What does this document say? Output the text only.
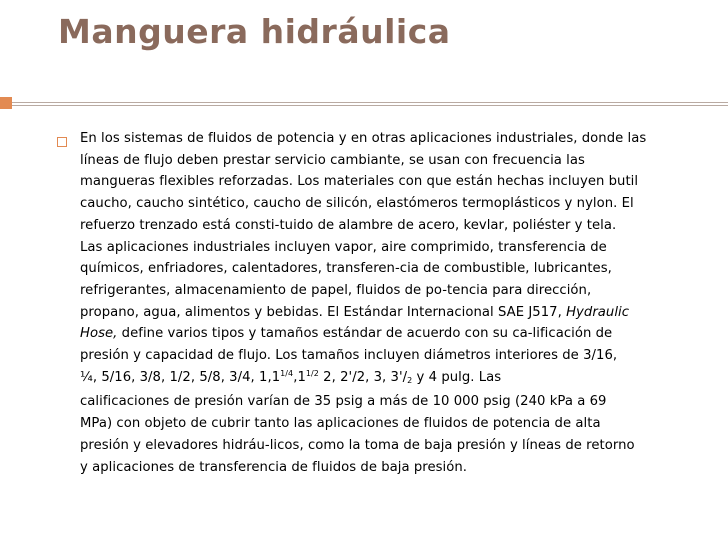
Manguera hidráulica

En los sistemas de fluidos de potencia y en otras aplicaciones industriales, donde las
líneas de flujo deben prestar servicio cambiante, se usan con frecuencia las
mangueras flexibles reforzadas. Los materiales con que están hechas incluyen butil
caucho, caucho sintético, caucho de silicón, elastómeros termoplásticos y nylon. El
refuerzo trenzado está consti-tuido de alambre de acero, kevlar, poliéster y tela.
Las aplicaciones industriales incluyen vapor, aire comprimido, transferencia de
químicos, enfriadores, calentadores, transferen-cia de combustible, lubricantes,
refrigerantes, almacenamiento de papel, fluidos de po-tencia para dirección,
propano, agua, alimentos y bebidas. El Estándar Internacional SAE J517, Hydraulic
Hose, define varios tipos y tamaños estándar de acuerdo con su ca-lificación de
presión y capacidad de flujo. Los tamaños incluyen diámetros interiores de 3/16,
¼, 5/16, 3/8, 1/2, 5/8, 3/4, $1,1^{1/4},1^{1/2}$ 2, 2'/2, 3, $3'/_2$ y 4 pulg. Las
calificaciones de presión varían de 35 psig a más de 10 000 psig (240 kPa a 69
MPa) con objeto de cubrir tanto las aplicaciones de fluidos de potencia de alta
presión y elevadores hidráu-licos, como la toma de baja presión y líneas de retorno
y aplicaciones de transferencia de fluidos de baja presión.
